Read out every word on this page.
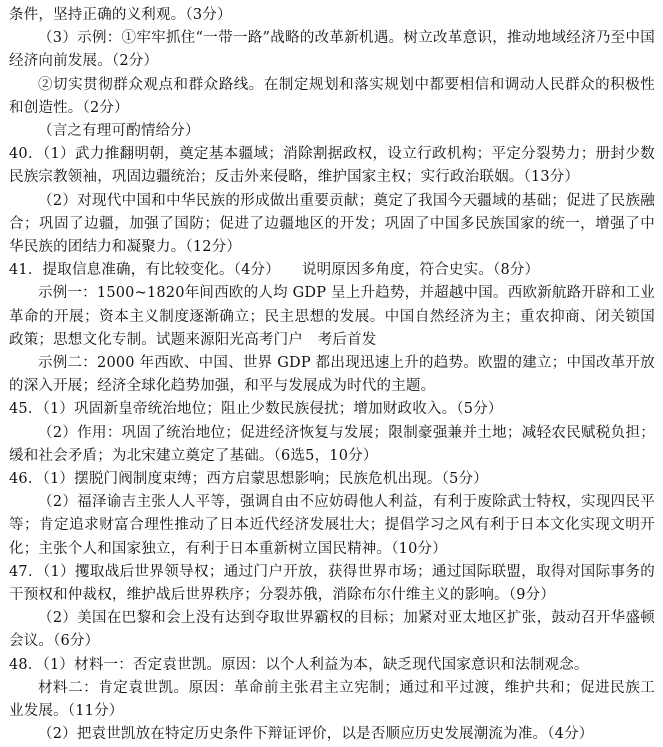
条件，坚持正确的义利观。（3分）

（3）示例：①牢牢抓住“一带一路”战略的改革新机遇。树立改革意识，推动地域经济乃至中国经济向前发展。（2分）

②切实贯彻群众观点和群众路线。在制定规划和落实规划中都要相信和调动人民群众的积极性和创造性。（2分）

（言之有理可酌情给分）

40．（1）武力推翻明朝，奠定基本疆域；消除割据政权，设立行政机构；平定分裂势力；册封少数民族宗教领袖，巩固边疆统治；反击外来侵略，维护国家主权；实行政治联姻。（13分）

（2）对现代中国和中华民族的形成做出重要贡献；奠定了我国今天疆域的基础；促进了民族融合；巩固了边疆，加强了国防；促进了边疆地区的开发；巩固了中国多民族国家的统一，增强了中华民族的团结力和凝聚力。（12分）

41．提取信息准确，有比较变化。（4分） 说明原因多角度，符合史实。（8分）

示例一：1500~1820年间西欧的人均 GDP 呈上升趋势，并超越中国。西欧新航路开辟和工业革命的开展；资本主义制度逐渐确立；民主思想的发展。中国自然经济为主；重农抑商、闭关锁国政策；思想文化专制。试题来源阳光高考门户　考后首发

示例二：2000 年西欧、中国、世界 GDP 都出现迅速上升的趋势。欧盟的建立；中国改革开放的深入开展；经济全球化趋势加强，和平与发展成为时代的主题。

45．（1）巩固新皇帝统治地位；阻止少数民族侵扰；增加财政收入。（5分）

（2）作用：巩固了统治地位；促进经济恢复与发展；限制豪强兼并土地；减轻农民赋税负担；缓和社会矛盾；为北宋建立奠定了基础。（6选5，10分）

46．（1）摆脱门阀制度束缚；西方启蒙思想影响；民族危机出现。（5分）

（2）福泽谕吉主张人人平等，强调自由不应妨碍他人利益，有利于废除武士特权，实现四民平等；肯定追求财富合理性推动了日本近代经济发展壮大；提倡学习之风有利于日本文化实现文明开化；主张个人和国家独立，有利于日本重新树立国民精神。（10分）

47．（1）攫取战后世界领导权；通过门户开放，获得世界市场；通过国际联盟，取得对国际事务的干预权和仲裁权，维护战后世界秩序；分裂苏俄，消除布尔什维主义的影响。（9分）

（2）美国在巴黎和会上没有达到夺取世界霸权的目标；加紧对亚太地区扩张，鼓动召开华盛顿会议。（6分）

48．（1）材料一：否定袁世凯。原因：以个人利益为本，缺乏现代国家意识和法制观念。

材料二：肯定袁世凯。原因：革命前主张君主立宪制；通过和平过渡，维护共和；促进民族工业发展。（11分）

（2）把袁世凯放在特定历史条件下辩证评价，以是否顺应历史发展潮流为准。（4分）
